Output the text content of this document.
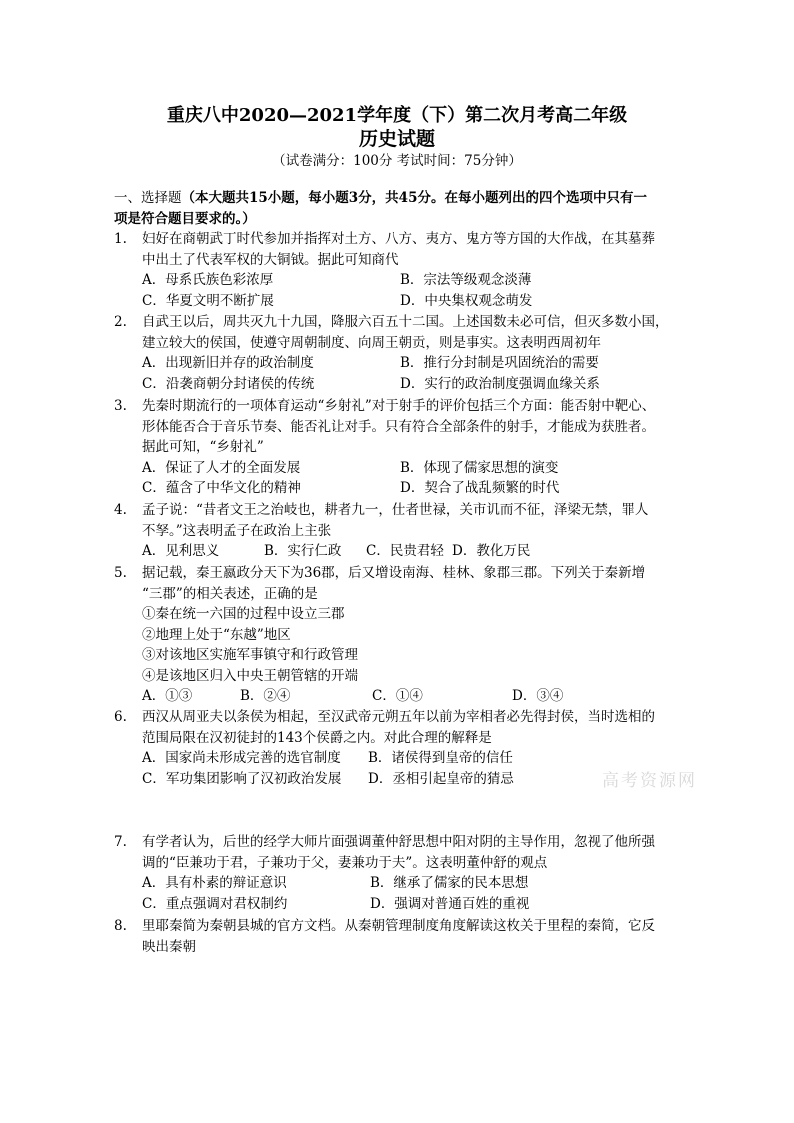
重庆八中2020—2021学年度（下）第二次月考高二年级
历史试题
（试卷满分：100分 考试时间：75分钟）
一、选择题（本大题共15小题，每小题3分，共45分。在每小题列出的四个选项中只有一
项是符合题目要求的。）
1.	妇好在商朝武丁时代参加并指挥对土方、八方、夷方、鬼方等方国的大作战，在其墓葬
中出土了代表军权的大铜钺。据此可知商代
A．母系氏族色彩浓厚	B．宗法等级观念淡薄
C．华夏文明不断扩展	D．中央集权观念萌发
2.	自武王以后，周共灭九十九国，降服六百五十二国。上述国数未必可信，但灭多数小国，
建立较大的侯国，使遵守周朝制度、向周王朝贡，则是事实。这表明西周初年
A．出现新旧并存的政治制度	B．推行分封制是巩固统治的需要
C．沿袭商朝分封诸侯的传统	D．实行的政治制度强调血缘关系
3.	先秦时期流行的一项体育运动“乡射礼”对于射手的评价包括三个方面：能否射中靶心、
形体能否合于音乐节奏、能否礼让对手。只有符合全部条件的射手，才能成为获胜者。
据此可知，“乡射礼”
A．保证了人才的全面发展	B．体现了儒家思想的演变
C．蕴含了中华文化的精神	D．契合了战乱频繁的时代
4.	孟子说：“昔者文王之治岐也，耕者九一，仕者世禄，关市讥而不征，泽梁无禁，罪人
不孥。”这表明孟子在政治上主张
A．见利思义	B．实行仁政 C．民贵君轻 D．教化万民
5.	据记载，秦王嬴政分天下为36郡，后又增设南海、桂林、象郡三郡。下列关于秦新增
“三郡”的相关表述，正确的是
①秦在统一六国的过程中设立三郡
②地理上处于“东越”地区
③对该地区实施军事镇守和行政管理
④是该地区归入中央王朝管辖的开端
A．①③	B．②④	C．①④	D．③④
6.	西汉从周亚夫以条侯为相起，至汉武帝元朔五年以前为宰相者必先得封侯，当时选相的
范围局限在汉初徒封的143个侯爵之内。对此合理的解释是
A．国家尚未形成完善的选官制度 B．诸侯得到皇帝的信任
C．军功集团影响了汉初政治发展 D．丞相引起皇帝的猜忌
7.	有学者认为，后世的经学大师片面强调董仲舒思想中阳对阴的主导作用，忽视了他所强
调的“臣兼功于君，子兼功于父，妻兼功于夫”。这表明董仲舒的观点
A．具有朴素的辩证意识	B．继承了儒家的民本思想
C．重点强调对君权制约	D．强调对普通百姓的重视
8.	里耶秦简为秦朝县城的官方文档。从秦朝管理制度角度解读这枚关于里程的秦简，它反
映出秦朝
高考资源网
